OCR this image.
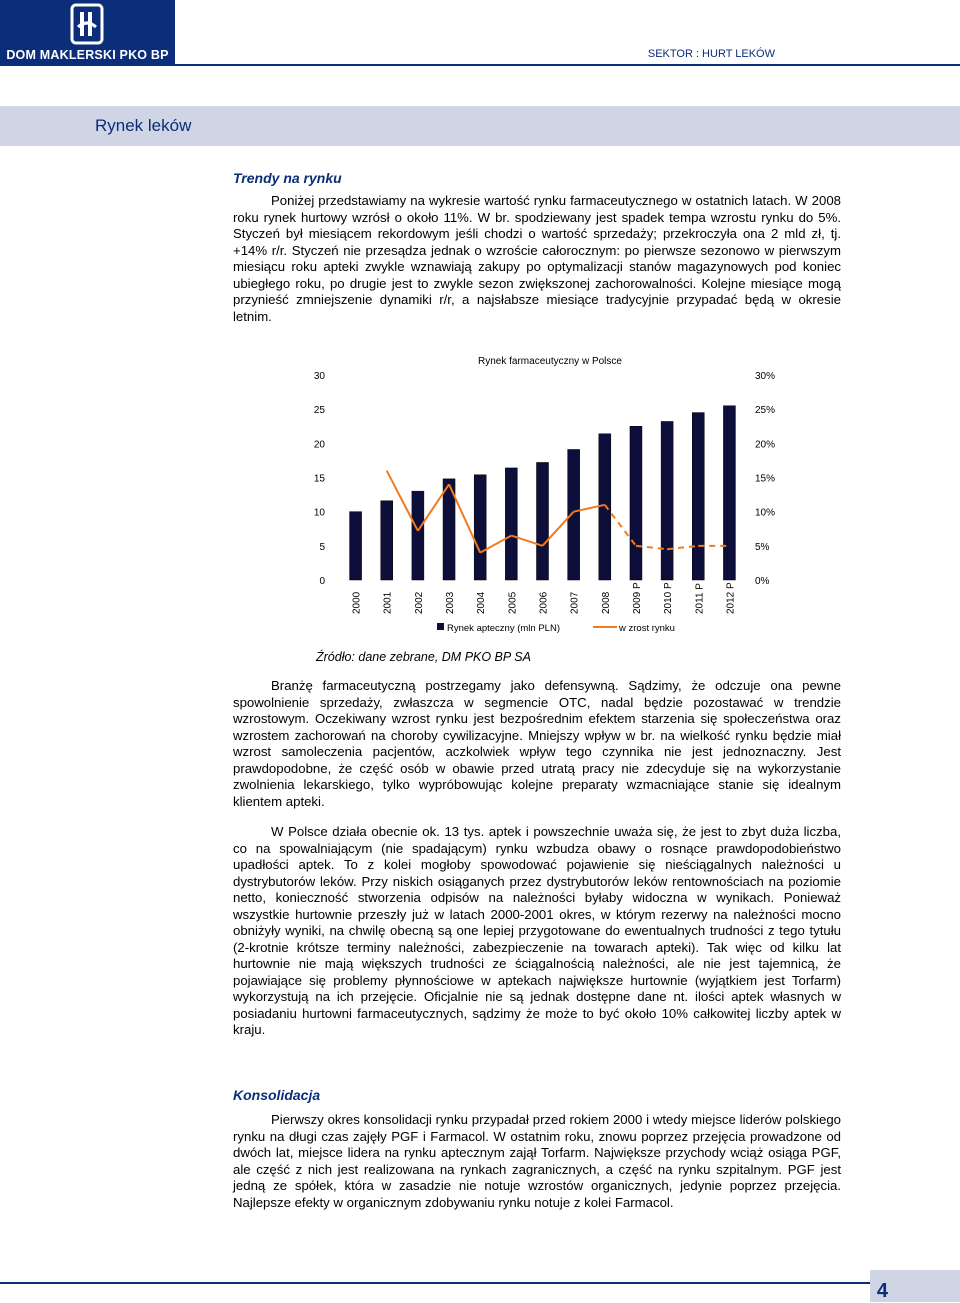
DOM MAKLERSKI PKO BP	SEKTOR : HURT LEKÓW
Rynek leków
Trendy na rynku

Poniżej przedstawiamy na wykresie wartość rynku farmaceutycznego w ostatnich latach. W 2008 roku rynek hurtowy wzrósł o około 11%. W br. spodziewany jest spadek tempa wzrostu rynku do 5%. Styczeń był miesiącem rekordowym jeśli chodzi o wartość sprzedaży; przekroczyła ona 2 mld zł, tj. +14% r/r. Styczeń nie przesądza jednak o wzroście całorocznym: po pierwsze sezonowo w pierwszym miesiącu roku apteki zwykle wznawiają zakupy po optymalizacji stanów magazynowych pod koniec ubiegłego roku, po drugie jest to zwykle sezon zwiększonej zachorowalności. Kolejne miesiące mogą przynieść zmniejszenie dynamiki r/r, a najsłabsze miesiące tradycyjnie przypadać będą w okresie letnim.

Rynek farmaceutyczny w Polsce
0
5
10
15
20
25
30
0%
5%
10%
15%
20%
25%
30%
2000 2001 2002 2003 2004 2005 2006 2007 2008 2009 P 2010 P 2011 P 2012 P
Rynek apteczny (mln PLN)	w zrost rynku
Źródło: dane zebrane, DM PKO BP SA

Branżę farmaceutyczną postrzegamy jako defensywną. Sądzimy, że odczuje ona pewne spowolnienie sprzedaży, zwłaszcza w segmencie OTC, nadal będzie pozostawać w trendzie wzrostowym. Oczekiwany wzrost rynku jest bezpośrednim efektem starzenia się społeczeństwa oraz wzrostem zachorowań na choroby cywilizacyjne. Mniejszy wpływ w br. na wielkość rynku będzie miał wzrost samoleczenia pacjentów, aczkolwiek wpływ tego czynnika nie jest jednoznaczny. Jest prawdopodobne, że część osób w obawie przed utratą pracy nie zdecyduje się na wykorzystanie zwolnienia lekarskiego, tylko wypróbowując kolejne preparaty wzmacniające stanie się idealnym klientem apteki.

W Polsce działa obecnie ok. 13 tys. aptek i powszechnie uważa się, że jest to zbyt duża liczba, co na spowalniającym (nie spadającym) rynku wzbudza obawy o rosnące prawdopodobieństwo upadłości aptek. To z kolei mogłoby spowodować pojawienie się nieściągalnych należności u dystrybutorów leków. Przy niskich osiąganych przez dystrybutorów leków rentownościach na poziomie netto, konieczność stworzenia odpisów na należności byłaby widoczna w wynikach. Ponieważ wszystkie hurtownie przeszły już w latach 2000-2001 okres, w którym rezerwy na należności mocno obniżyły wyniki, na chwilę obecną są one lepiej przygotowane do ewentualnych trudności z tego tytułu (2-krotnie krótsze terminy należności, zabezpieczenie na towarach apteki). Tak więc od kilku lat hurtownie nie mają większych trudności ze ściągalnością należności, ale nie jest tajemnicą, że pojawiające się problemy płynnościowe w aptekach największe hurtownie (wyjątkiem jest Torfarm) wykorzystują na ich przejęcie. Oficjalnie nie są jednak dostępne dane nt. ilości aptek własnych w posiadaniu hurtowni farmaceutycznych, sądzimy że może to być około 10% całkowitej liczby aptek w kraju.

Konsolidacja

Pierwszy okres konsolidacji rynku przypadał przed rokiem 2000 i wtedy miejsce liderów polskiego rynku na długi czas zajęły PGF i Farmacol. W ostatnim roku, znowu poprzez przejęcia prowadzone od dwóch lat, miejsce lidera na rynku aptecznym zajął Torfarm. Największe przychody wciąż osiąga PGF, ale część z nich jest realizowana na rynkach zagranicznych, a część na rynku szpitalnym. PGF jest jedną ze spółek, która w zasadzie nie notuje wzrostów organicznych, jedynie poprzez przejęcia. Najlepsze efekty w organicznym zdobywaniu rynku notuje z kolei Farmacol.

4
